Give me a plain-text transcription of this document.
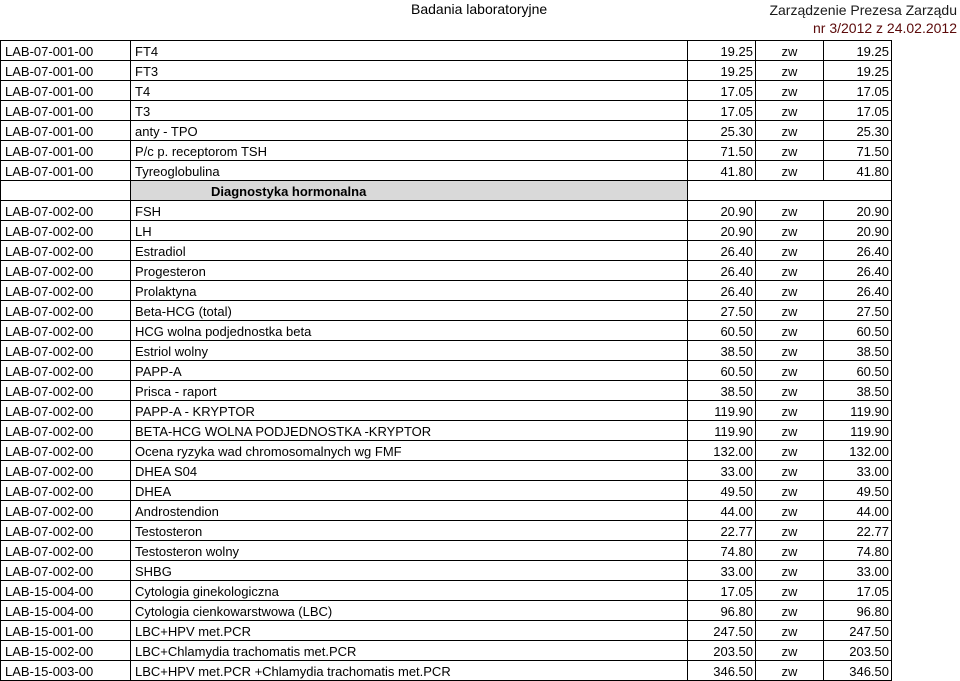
Badania laboratoryjne	Zarządzenie Prezesa Zarządu
nr 3/2012 z 24.02.2012
LAB-07-001-00	FT4	19.25	zw	19.25
LAB-07-001-00	FT3	19.25	zw	19.25
LAB-07-001-00	T4	17.05	zw	17.05
LAB-07-001-00	T3	17.05	zw	17.05
LAB-07-001-00	anty - TPO	25.30	zw	25.30
LAB-07-001-00	P/c p. receptorom TSH	71.50	zw	71.50
LAB-07-001-00	Tyreoglobulina	41.80	zw	41.80
	Diagnostyka hormonalna			
LAB-07-002-00	FSH	20.90	zw	20.90
LAB-07-002-00	LH	20.90	zw	20.90
LAB-07-002-00	Estradiol	26.40	zw	26.40
LAB-07-002-00	Progesteron	26.40	zw	26.40
LAB-07-002-00	Prolaktyna	26.40	zw	26.40
LAB-07-002-00	Beta-HCG (total)	27.50	zw	27.50
LAB-07-002-00	HCG wolna podjednostka beta	60.50	zw	60.50
LAB-07-002-00	Estriol wolny	38.50	zw	38.50
LAB-07-002-00	PAPP-A	60.50	zw	60.50
LAB-07-002-00	Prisca - raport	38.50	zw	38.50
LAB-07-002-00	PAPP-A - KRYPTOR	119.90	zw	119.90
LAB-07-002-00	BETA-HCG WOLNA PODJEDNOSTKA -KRYPTOR	119.90	zw	119.90
LAB-07-002-00	Ocena ryzyka wad chromosomalnych wg FMF	132.00	zw	132.00
LAB-07-002-00	DHEA S04	33.00	zw	33.00
LAB-07-002-00	DHEA	49.50	zw	49.50
LAB-07-002-00	Androstendion	44.00	zw	44.00
LAB-07-002-00	Testosteron	22.77	zw	22.77
LAB-07-002-00	Testosteron wolny	74.80	zw	74.80
LAB-07-002-00	SHBG	33.00	zw	33.00
LAB-15-004-00	Cytologia ginekologiczna	17.05	zw	17.05
LAB-15-004-00	Cytologia cienkowarstwowa (LBC)	96.80	zw	96.80
LAB-15-001-00	LBC+HPV met.PCR	247.50	zw	247.50
LAB-15-002-00	LBC+Chlamydia trachomatis met.PCR	203.50	zw	203.50
LAB-15-003-00	LBC+HPV met.PCR +Chlamydia trachomatis met.PCR	346.50	zw	346.50
